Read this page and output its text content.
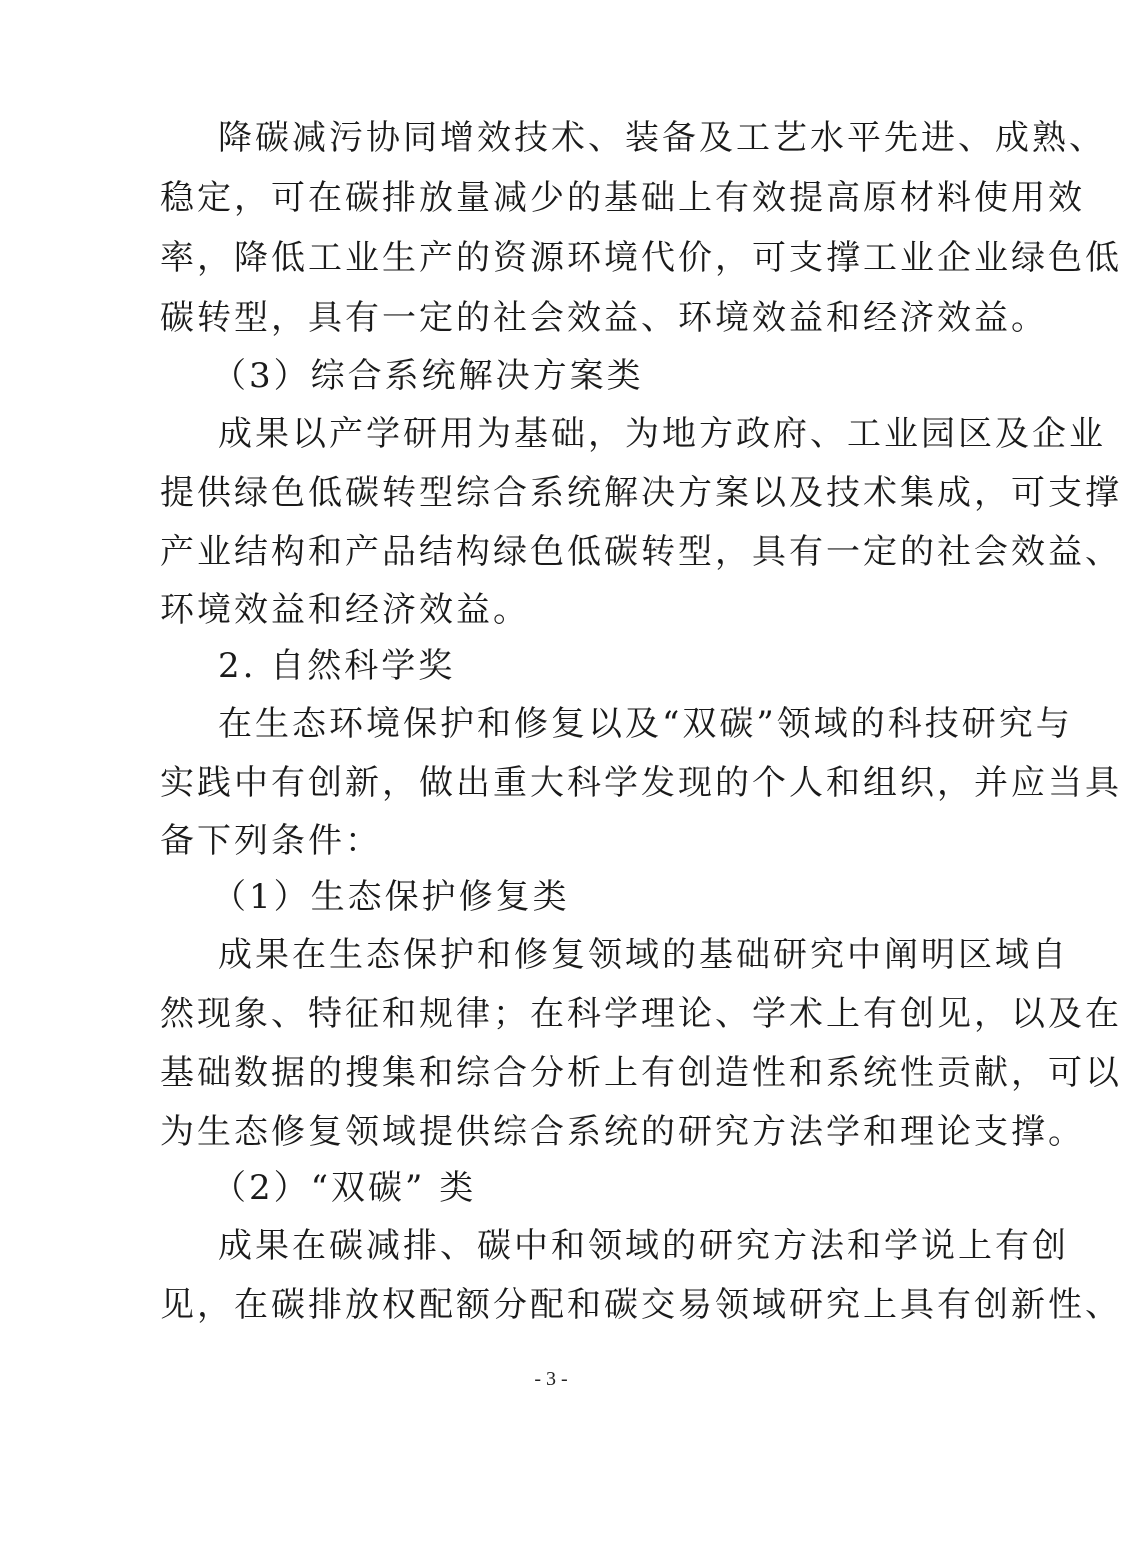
降碳减污协同增效技术、装备及工艺水平先进、成熟、
稳定，可在碳排放量减少的基础上有效提高原材料使用效
率，降低工业生产的资源环境代价，可支撑工业企业绿色低
碳转型，具有一定的社会效益、环境效益和经济效益。
（3）综合系统解决方案类
成果以产学研用为基础，为地方政府、工业园区及企业
提供绿色低碳转型综合系统解决方案以及技术集成，可支撑
产业结构和产品结构绿色低碳转型，具有一定的社会效益、
环境效益和经济效益。
2. 自然科学奖
在生态环境保护和修复以及“双碳”领域的科技研究与
实践中有创新，做出重大科学发现的个人和组织，并应当具
备下列条件：
（1）生态保护修复类
成果在生态保护和修复领域的基础研究中阐明区域自
然现象、特征和规律；在科学理论、学术上有创见，以及在
基础数据的搜集和综合分析上有创造性和系统性贡献，可以
为生态修复领域提供综合系统的研究方法学和理论支撑。
（2）“双碳” 类
成果在碳减排、碳中和领域的研究方法和学说上有创
见，在碳排放权配额分配和碳交易领域研究上具有创新性、
- 3 -
